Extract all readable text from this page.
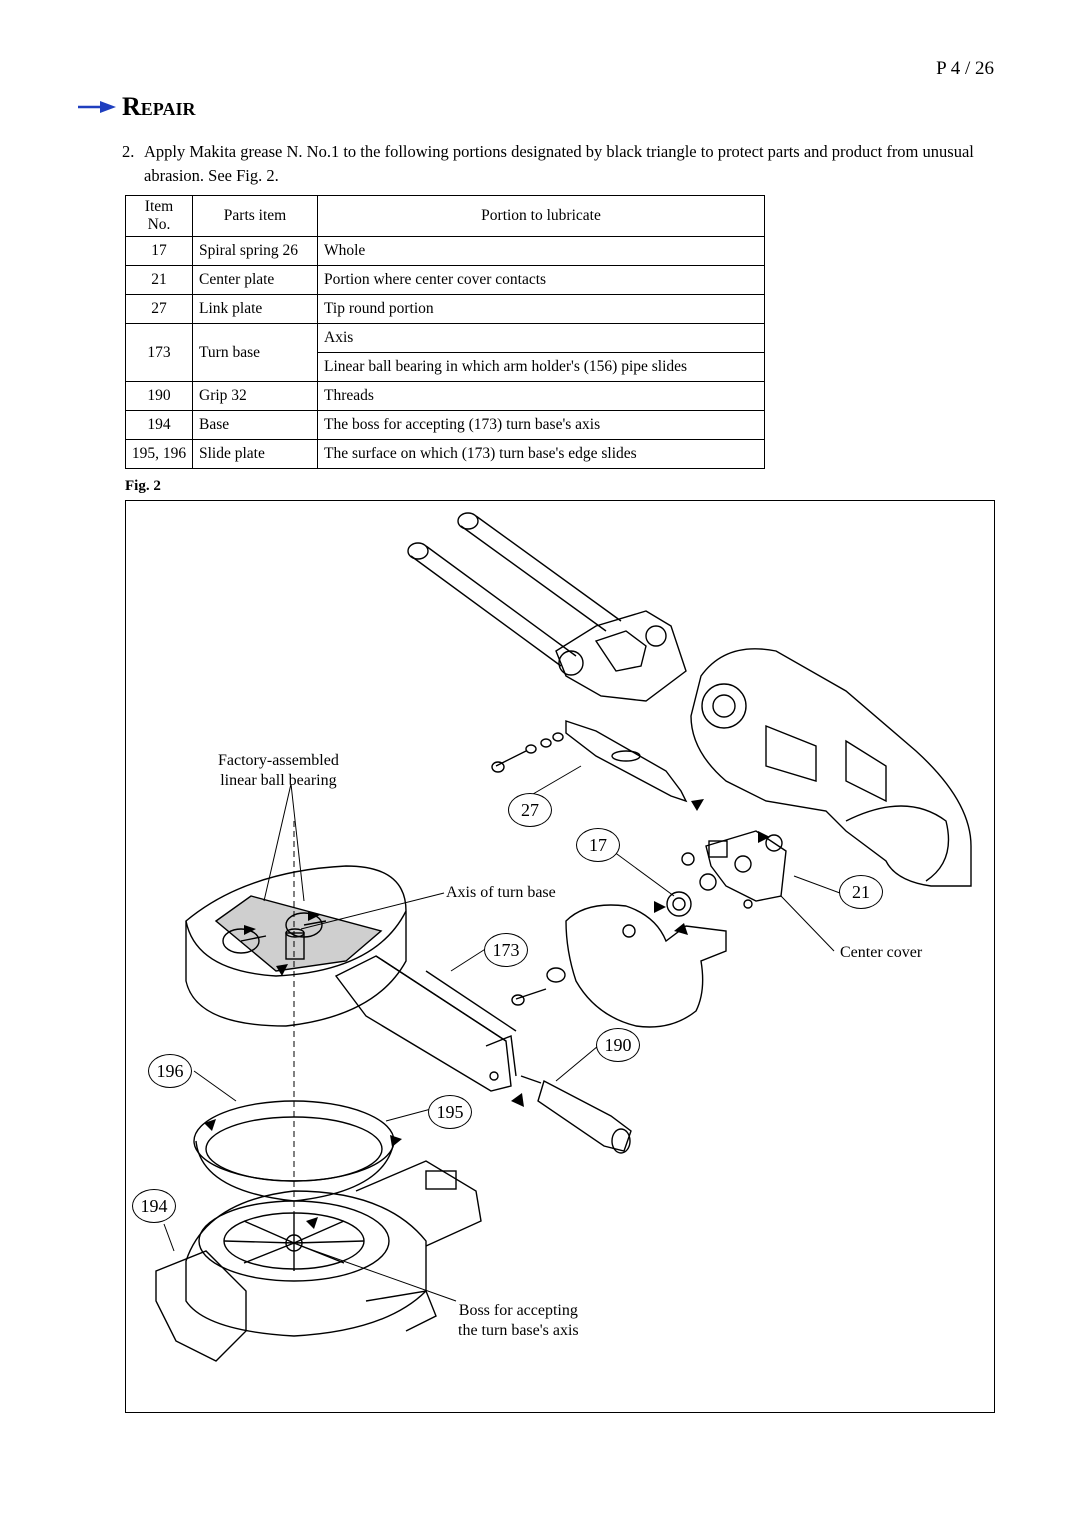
P 4 / 26
Repair
2. Apply Makita grease N. No.1 to the following portions designated by black triangle to protect parts and product from unusual abrasion. See Fig. 2.
Item No.	Parts item	Portion to lubricate
17	Spiral spring 26	Whole
21	Center plate	Portion where center cover contacts
27	Link plate	Tip round portion
173	Turn base	Axis
		Linear ball bearing in which arm holder's (156) pipe slides
190	Grip 32	Threads
194	Base	The boss for accepting (173) turn base's axis
195, 196	Slide plate	The surface on which (173) turn base's edge slides
Fig. 2
Factory-assembled
linear ball bearing
Axis of turn base
Center cover
Boss for accepting
the turn base's axis
27
17
21
173
190
196
195
194
